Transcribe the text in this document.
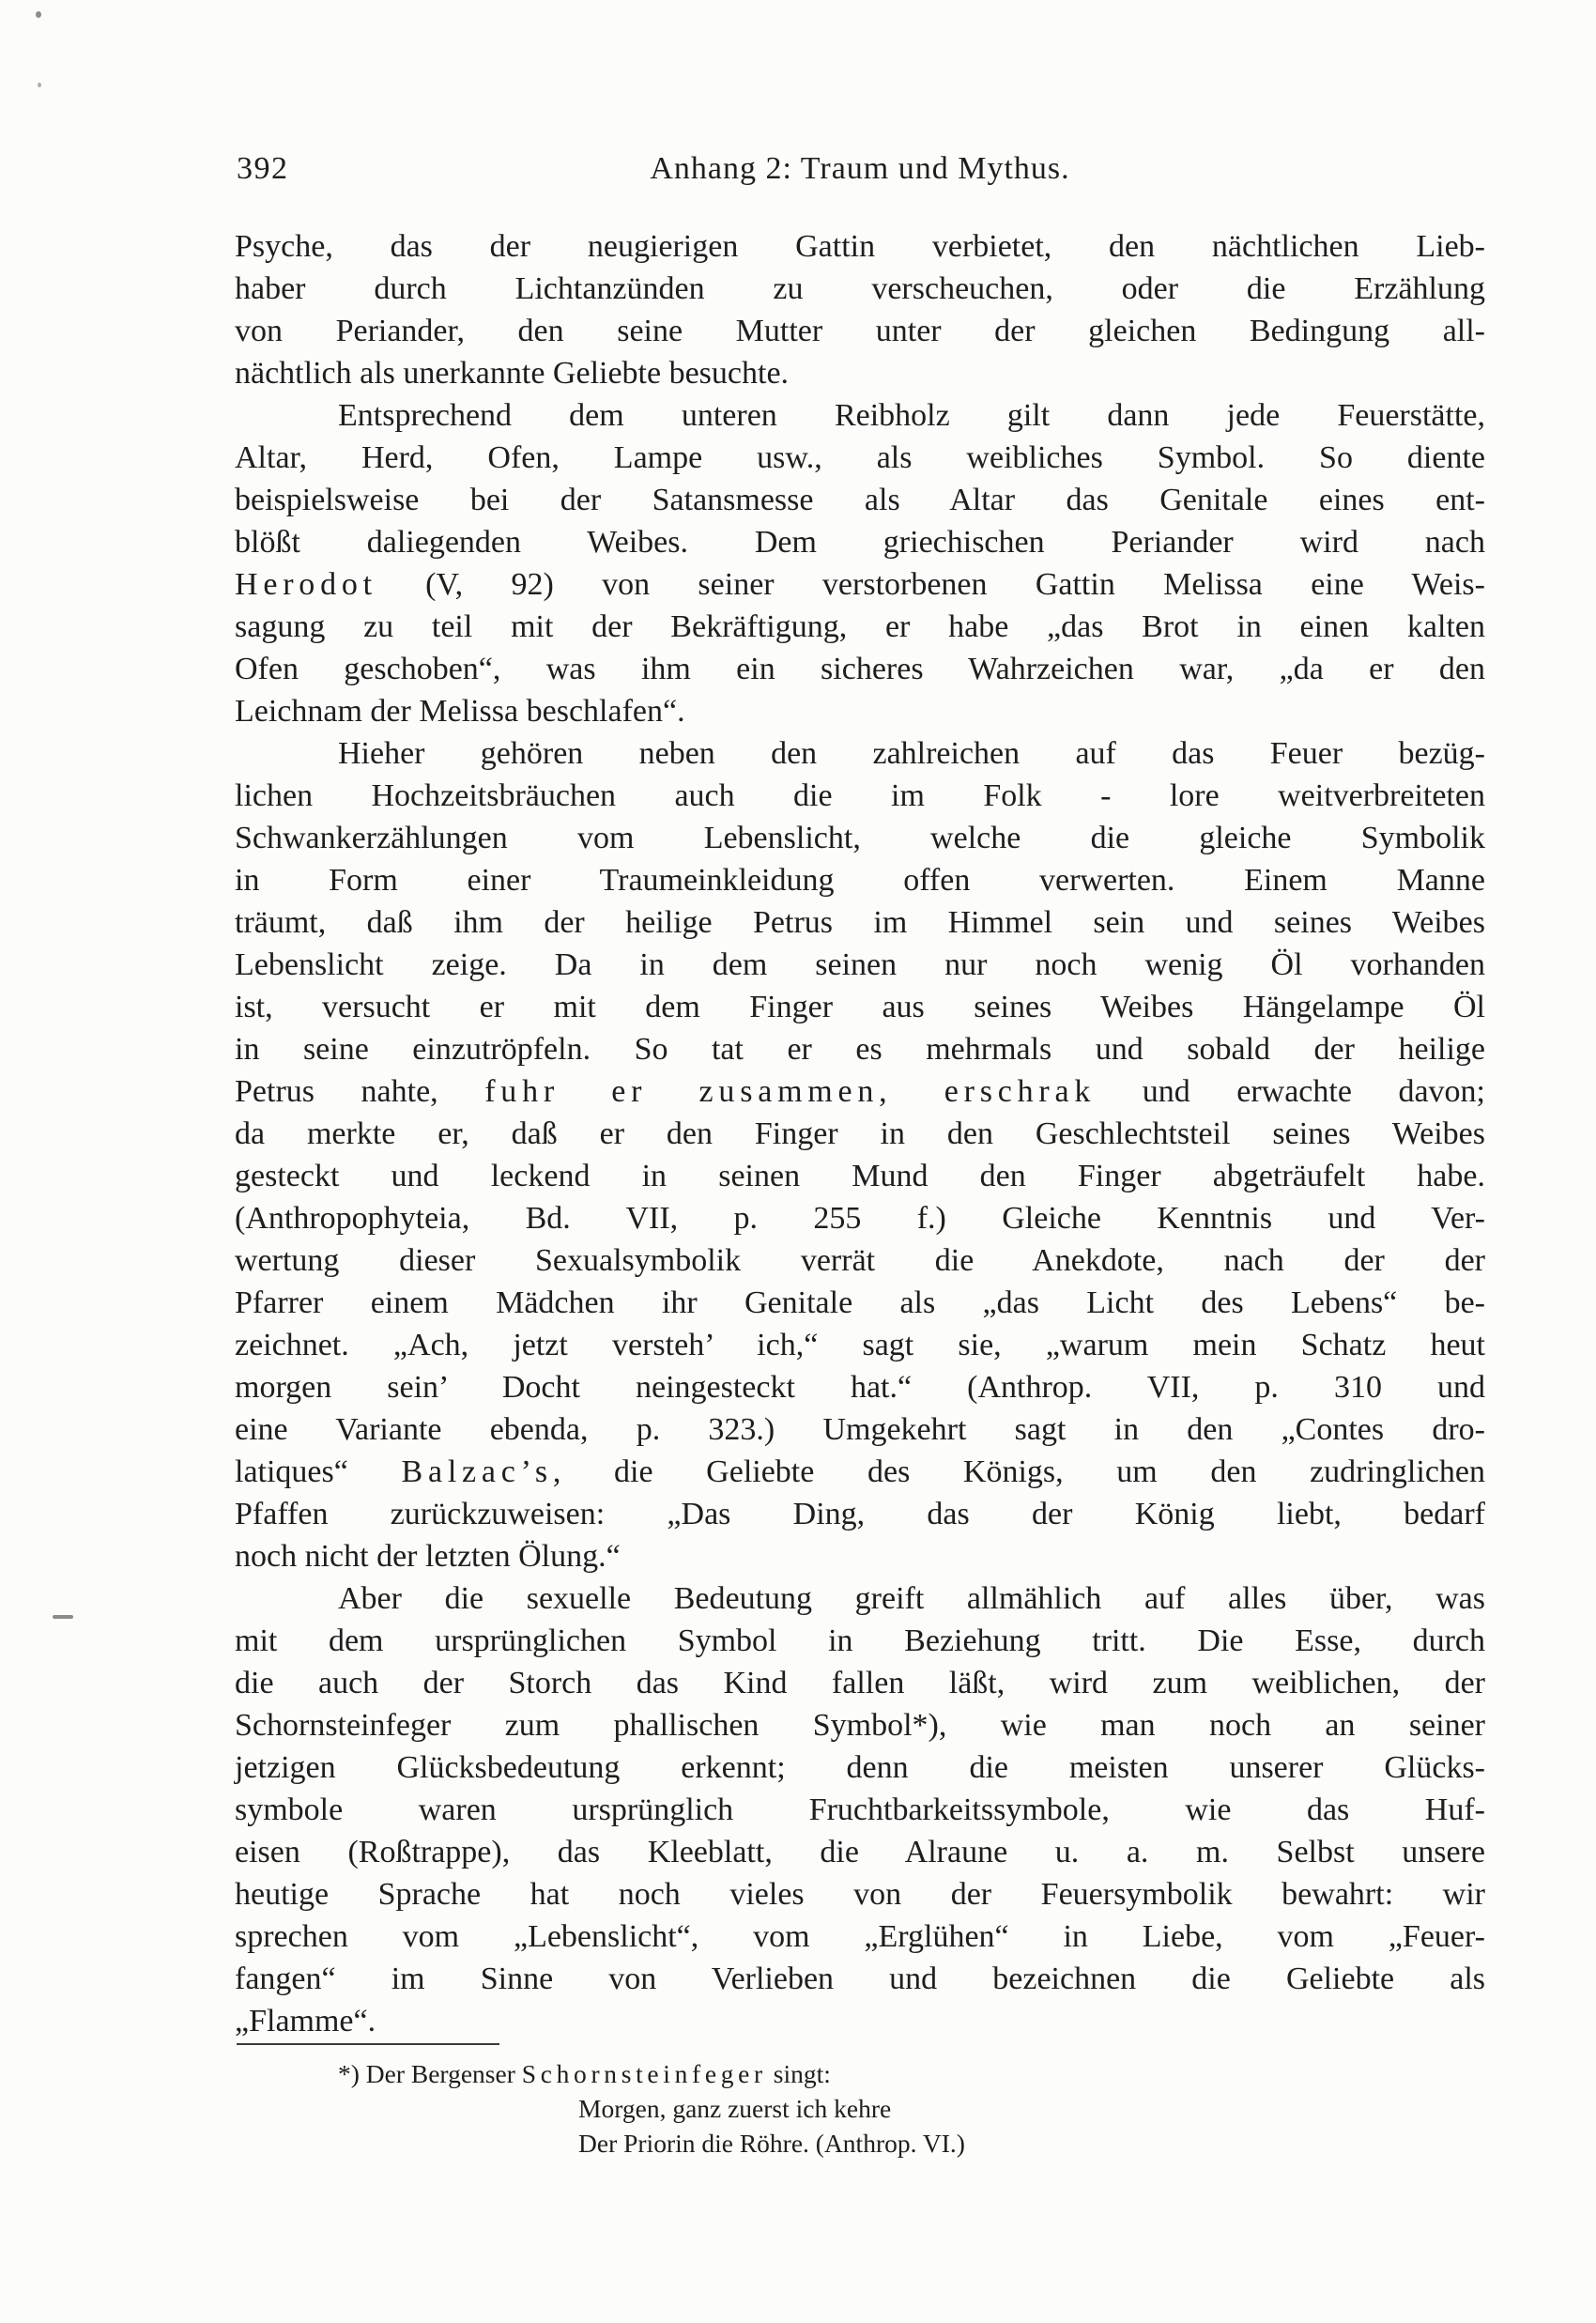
392	Anhang 2: Traum und Mythus.
Psyche, das der neugierigen Gattin verbietet, den nächtlichen Lieb-
haber durch Lichtanzünden zu verscheuchen, oder die Erzählung
von Periander, den seine Mutter unter der gleichen Bedingung all-
nächtlich als unerkannte Geliebte besuchte.
Entsprechend dem unteren Reibholz gilt dann jede Feuerstätte,
Altar, Herd, Ofen, Lampe usw., als weibliches Symbol. So diente
beispielsweise bei der Satansmesse als Altar das Genitale eines ent-
blößt daliegenden Weibes. Dem griechischen Periander wird nach
Herodot (V, 92) von seiner verstorbenen Gattin Melissa eine Weis-
sagung zu teil mit der Bekräftigung, er habe „das Brot in einen kalten
Ofen geschoben“, was ihm ein sicheres Wahrzeichen war, „da er den
Leichnam der Melissa beschlafen“.
Hieher gehören neben den zahlreichen auf das Feuer bezüg-
lichen Hochzeitsbräuchen auch die im Folk - lore weitverbreiteten
Schwankerzählungen vom Lebenslicht, welche die gleiche Symbolik
in Form einer Traumeinkleidung offen verwerten. Einem Manne
träumt, daß ihm der heilige Petrus im Himmel sein und seines Weibes
Lebenslicht zeige. Da in dem seinen nur noch wenig Öl vorhanden
ist, versucht er mit dem Finger aus seines Weibes Hängelampe Öl
in seine einzutröpfeln. So tat er es mehrmals und sobald der heilige
Petrus nahte, fuhr er zusammen, erschrak und erwachte davon;
da merkte er, daß er den Finger in den Geschlechtsteil seines Weibes
gesteckt und leckend in seinen Mund den Finger abgeträufelt habe.
(Anthropophyteia, Bd. VII, p. 255 f.) Gleiche Kenntnis und Ver-
wertung dieser Sexualsymbolik verrät die Anekdote, nach der der
Pfarrer einem Mädchen ihr Genitale als „das Licht des Lebens“ be-
zeichnet. „Ach, jetzt versteh’ ich,“ sagt sie, „warum mein Schatz heut
morgen sein’ Docht neingesteckt hat.“ (Anthrop. VII, p. 310 und
eine Variante ebenda, p. 323.) Umgekehrt sagt in den „Contes dro-
latiques“ Balzac’s, die Geliebte des Königs, um den zudringlichen
Pfaffen zurückzuweisen: „Das Ding, das der König liebt, bedarf
noch nicht der letzten Ölung.“
Aber die sexuelle Bedeutung greift allmählich auf alles über, was
mit dem ursprünglichen Symbol in Beziehung tritt. Die Esse, durch
die auch der Storch das Kind fallen läßt, wird zum weiblichen, der
Schornsteinfeger zum phallischen Symbol*), wie man noch an seiner
jetzigen Glücksbedeutung erkennt; denn die meisten unserer Glücks-
symbole waren ursprünglich Fruchtbarkeitssymbole, wie das Huf-
eisen (Roßtrappe), das Kleeblatt, die Alraune u. a. m. Selbst unsere
heutige Sprache hat noch vieles von der Feuersymbolik bewahrt: wir
sprechen vom „Lebenslicht“, vom „Erglühen“ in Liebe, vom „Feuer-
fangen“ im Sinne von Verlieben und bezeichnen die Geliebte als
„Flamme“.
*) Der Bergenser Schornsteinfeger singt:
Morgen, ganz zuerst ich kehre
Der Priorin die Röhre. (Anthrop. VI.)
